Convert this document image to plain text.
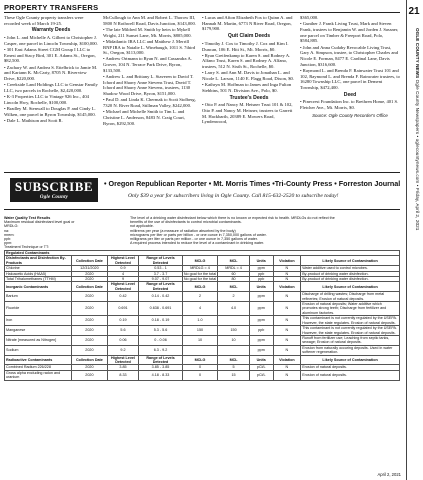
PROPERTY TRANSFERS	21
OGLE COUNTY NEWS Ogle County Newspapers • oglecountynews.com • Friday, April 2, 2021

These Ogle County property transfers were recorded week of March 19-25.

Warranty Deeds

• John L. and Michelle A. Gilbert to Christopher J. Casper, one parcel in Lincoln Township, $100,000.

• 301 East Adams Street CGM Group I LLC to Ernest and Stacy Bird, 301 E. Adams St., Oregon, $82,500.

• Zachary W. and Andrea S. Ettelbrick to Jamie M. and Kariann K. McCarty, 8705 N. Riverview Drive, $220,000.

• Creekside Land Holdings LLC to Genstar Family LLC, two parcels in Rochelle, $2,420,000.

• K-3 Properties LLC to Vintage 926 Inc., 404 Lincoln Hwy, Rochelle, $100,000.

• Bradley M. Stenwall to Douglas P. and Cindy L. Wilken, one parcel in Byron Township, $145,000.

• Dale L. Mathison and Scott R.

McCullough to Ann M. and Robert L. Thorow III, 5800 N Rothwell Road, Davis Junction, $143,000.

• The late Mildred M. Smith by heirs to Mykell Wright, 211 Sunset Lane, Mt. Morris, $805,000.

• Midatlantic IRA LLC and Matthew J. Merrill BNP IRA to Natalie L. Winebaugh, 1011 S. 7third St., Oregon, $113,000.

• Andrew Ortmann to Ryan N. and Cassandra A. Grover, 104 N. Terrace Park Drive, Byron, $133,500.

• Andrew L. and Brittany L. Staveren to David T. Ichord and Sharry Anne Stevens Trust, David T. Ichord and Sharry Anne Stevens, trustees, 1130 Shadow Wood Drive, Byron, $151,000.

• Paul D. and Linda K. Chermak to Scott Stolberg, 7320 N. River Road, Stillman Valley, $242,000.

• Michael and Michelle Smith to Tim L. and Christine L. Anderson, 8483 N. Craig Court, Byron, $292,500.

• Lucas and Afton Elizabeth Fox to Quinn A. and Hannah M. Martin, 6773 N River Road, Oregon, $179,900.

Quit Claim Deeds

• Timothy J. Cox to Timothy J. Cox and Kim I. Duncan, 106 E. Hitt St., Mt. Morris, $0.

• Ryan Greifenkamp to Karen S. and Rodney A. Alfano Trust, Karen S. and Rodney A. Alfano, trustees, 512 N. Sixth St., Rochelle, $0.

• Larry S. and Ann M. Davis to Jonathan L. and Nicole L. Larson, 1140 E. Flagg Road, Dixon, $0.

• Kathryn M. Hoffman to James and Inga Fulton Stebbins, 501 N. Division Ave., Polo, $0.

Trustee's Deeds

• Otto P. and Nancy M. Heisner Trust 101 & 102, Otto P. and Nancy M. Heisner, trustees to Garrett M. Hackbarth, 20389 E. Mowers Road, Lyndenwood,

$365,000.

• Gunther J. Frank Living Trust, Mark and Steven Frank, trustees to Benjamin W. and Jorden J. Sassner, one parcel on Timber & Freeport Road, Polo, $584,885.

• John and Anna Cudaby Revocable Living Trust, Gary A. Simpson, trustee, to Christopher Charles and Nicole E. Forman, 8477 E. Cardinal Lane, Davis Junction, $316,600.

• Raymond L. and Brenda F. Rainwater Trust 101 and 102, Raymond L. and Brenda F. Rainwater trustees, to 16280 Township LLC, one parcel in Dement Township, $472,400.

Deed

• Pinecrest Foundation Inc. to Brethren Home, 401 S. Fletcher Ave., Mt. Morris, $0.

Source: Ogle County Recorder's Office

SUBSCRIBE
Ogle County
• Oregon Republican Reporter • Mt. Morris Times •Tri-County Press • Forreston Journal
Only $39 a year for subscribers living in Ogle County. Call 815-632-2520 to subscribe today!
Water Quality Test Results
Maximum residual disinfectant level goal or
MRDLG:
na:
mrem:
ppb:
ppm:
Treatment Technique or TT:
The level of a drinking water disinfectant below which there is no known or expected risk to health. MRDLGs do not reflect the
benefits of the use of disinfectants to control microbial contaminants.
not applicable.
millirems per year (a measure of radiation absorbed by the body)
micrograms per liter or parts per billion - or one ounce in 7,350,000 gallons of water.
milligrams per liter or parts per million - or one ounce in 7,350 gallons of water.
A required process intended to reduce the level of a contaminant in drinking water.
Regulated Contaminants								
Disinfectants and Disinfection By-Products	Collection Date	Highest Level Detected	Range of Levels Detected	MCLG	MCL	Units	Violation	Likely Source of Contamination
Chlorine	12/31/2020	0.9	0.53 - 1	MRDLG = 4	MRDL = 4	ppm	N	Water additive used to control microbes.
Haloacetic Acids (HAA5)	2020	4	3.7 - 3.7	No goal for the total	60	ppb	N	By-product of drinking water disinfection.
Total Trihalomethanes (TTHM)	2020	9	9.07 - 9.07	No goal for the total	80	ppb	N	By-product of drinking water disinfection.
Inorganic Contaminants	Collection Date	Highest Level Detected	Range of Levels Detected	MCLG	MCL	Units	Violation	Likely Source of Contamination
Barium	2020	0.42	0.14 - 0.42	2	2	ppm	N	Discharge of drilling wastes; Discharge from metal refineries; Erosion of natural deposits.
Fluoride	2020	0.691	0.638 - 0.691	4	4.0	ppm	N	Erosion of natural deposits; Water additive which promotes strong teeth; Discharge from fertilizer and aluminum factories.
Iron	2020	0.19	0.18 - 0.19	1.0		ppm	N	This contaminant is not currently regulated by the USEPA. However, the state regulates. Erosion of natural deposits.
Manganese	2020	5.6	5.3 - 5.6	150	150	ppb	N	This contaminant is not currently regulated by the USEPA. However, the state regulates. Erosion of natural deposits.
Nitrate [measured as Nitrogen]	2020	0.06	0 - 0.06	10	10	ppm	N	Runoff from fertilizer use; Leaching from septic tanks, sewage; Erosion of natural deposits.
Sodium	2020	9.2	6.3 - 9.2			ppm	N	Erosion from naturally occuring deposits. Used in water softener regeneration.
Radioactive Contaminants	Collection Date	Highest Level Detected	Range of Levels Detected	MCLG	MCL	Units	Violation	Likely Source of Contamination
Combined Radium 226/228	2020	3.85	3.85 - 3.85	0	5	pCi/L	N	Erosion of natural deposits.
Gross alpha excluding radon and uranium	2020	8.33	4.18 - 8.33	0	15	pCi/L	N	Erosion of natural deposits.
April 2, 2021
